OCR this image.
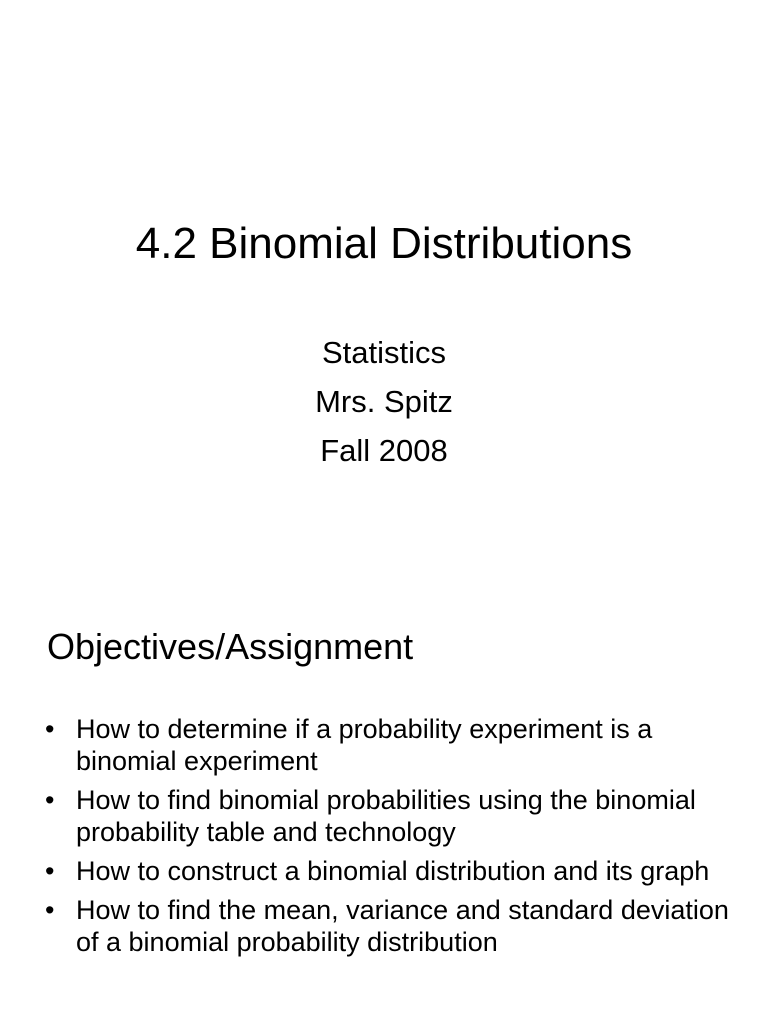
4.2 Binomial Distributions
Statistics
Mrs. Spitz
Fall 2008
Objectives/Assignment
• How to determine if a probability experiment is a binomial experiment
• How to find binomial probabilities using the binomial probability table and technology
• How to construct a binomial distribution and its graph
• How to find the mean, variance and standard deviation of a binomial probability distribution
